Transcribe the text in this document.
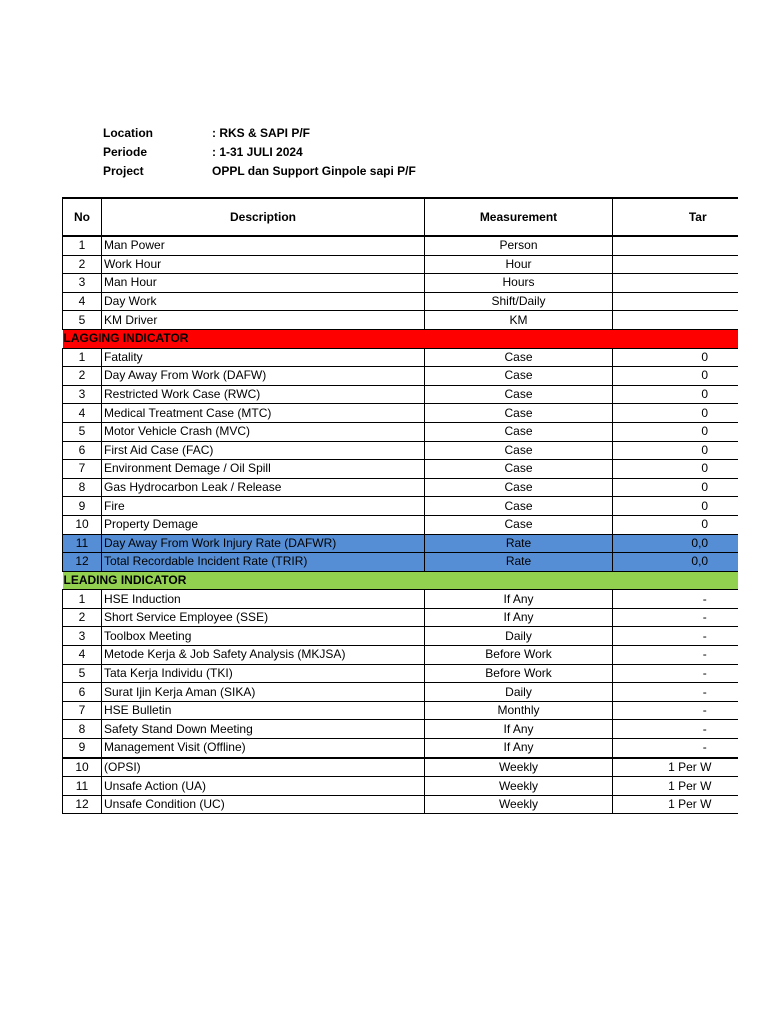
Location	: RKS & SAPI P/F
Periode	: 1-31 JULI 2024
Project	OPPL dan Support Ginpole sapi P/F
No	Description	Measurement	Tar
1	Man Power	Person	
2	Work Hour	Hour	
3	Man Hour	Hours	
4	Day Work	Shift/Daily	
5	KM Driver	KM	
LAGGING INDICATOR			
1	Fatality	Case	0
2	Day Away From Work (DAFW)	Case	0
3	Restricted Work Case (RWC)	Case	0
4	Medical Treatment Case (MTC)	Case	0
5	Motor Vehicle Crash (MVC)	Case	0
6	First Aid Case (FAC)	Case	0
7	Environment Demage / Oil Spill	Case	0
8	Gas Hydrocarbon Leak / Release	Case	0
9	Fire	Case	0
10	Property Demage	Case	0
11	Day Away From Work Injury Rate (DAFWR)	Rate	0,0
12	Total Recordable Incident Rate (TRIR)	Rate	0,0
LEADING INDICATOR			
1	HSE Induction	If Any	-
2	Short Service Employee (SSE)	If Any	-
3	Toolbox Meeting	Daily	-
4	Metode Kerja & Job Safety Analysis (MKJSA)	Before Work	-
5	Tata Kerja Individu (TKI)	Before Work	-
6	Surat Ijin Kerja Aman (SIKA)	Daily	-
7	HSE Bulletin	Monthly	-
8	Safety Stand Down Meeting	If Any	-
9	Management Visit (Offline)	If Any	-
10	(OPSI)	Weekly	1 Per W
11	Unsafe Action (UA)	Weekly	1 Per W
12	Unsafe Condition (UC)	Weekly	1 Per W
